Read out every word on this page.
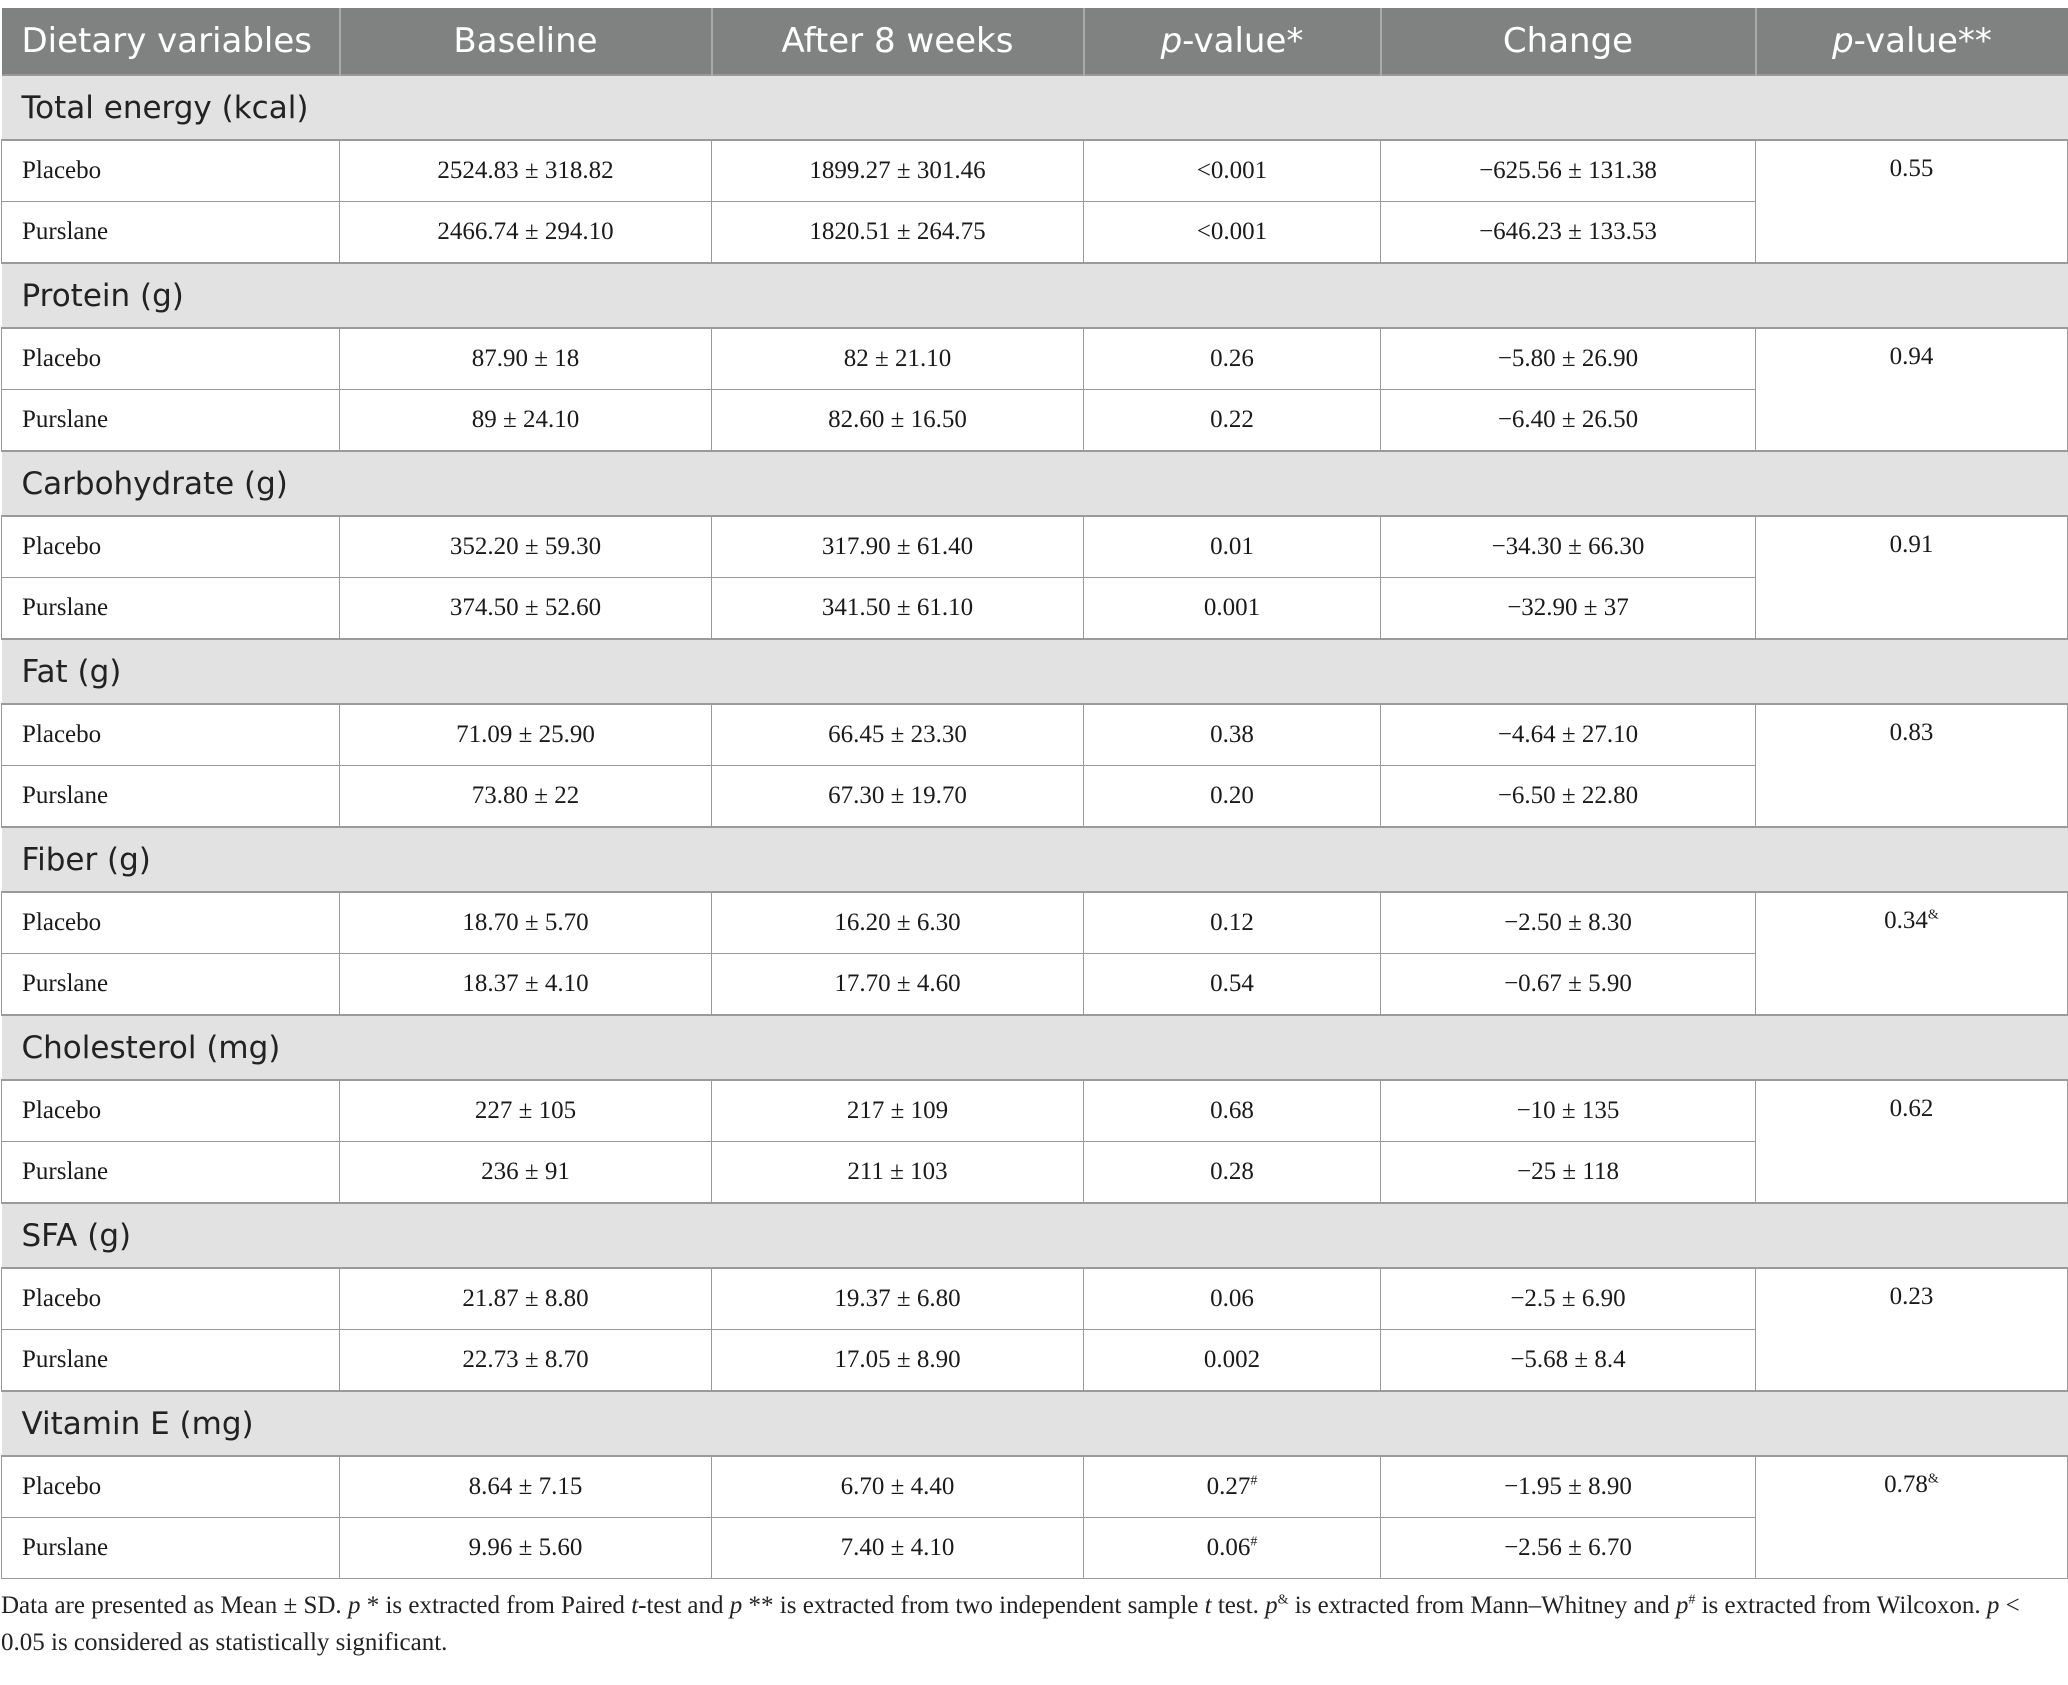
Dietary variables	Baseline	After 8 weeks	p-value*	Change	p-value**
Total energy (kcal)					
Placebo	2524.83 ± 318.82	1899.27 ± 301.46	<0.001	−625.56 ± 131.38	0.55
Purslane	2466.74 ± 294.10	1820.51 ± 264.75	<0.001	−646.23 ± 133.53	
Protein (g)					
Placebo	87.90 ± 18	82 ± 21.10	0.26	−5.80 ± 26.90	0.94
Purslane	89 ± 24.10	82.60 ± 16.50	0.22	−6.40 ± 26.50	
Carbohydrate (g)					
Placebo	352.20 ± 59.30	317.90 ± 61.40	0.01	−34.30 ± 66.30	0.91
Purslane	374.50 ± 52.60	341.50 ± 61.10	0.001	−32.90 ± 37	
Fat (g)					
Placebo	71.09 ± 25.90	66.45 ± 23.30	0.38	−4.64 ± 27.10	0.83
Purslane	73.80 ± 22	67.30 ± 19.70	0.20	−6.50 ± 22.80	
Fiber (g)					
Placebo	18.70 ± 5.70	16.20 ± 6.30	0.12	−2.50 ± 8.30	0.34&
Purslane	18.37 ± 4.10	17.70 ± 4.60	0.54	−0.67 ± 5.90	
Cholesterol (mg)					
Placebo	227 ± 105	217 ± 109	0.68	−10 ± 135	0.62
Purslane	236 ± 91	211 ± 103	0.28	−25 ± 118	
SFA (g)					
Placebo	21.87 ± 8.80	19.37 ± 6.80	0.06	−2.5 ± 6.90	0.23
Purslane	22.73 ± 8.70	17.05 ± 8.90	0.002	−5.68 ± 8.4	
Vitamin E (mg)					
Placebo	8.64 ± 7.15	6.70 ± 4.40	0.27#	−1.95 ± 8.90	0.78&
Purslane	9.96 ± 5.60	7.40 ± 4.10	0.06#	−2.56 ± 6.70	
Data are presented as Mean ± SD. p * is extracted from Paired t-test and p ** is extracted from two independent sample t test. p& is extracted from Mann–Whitney and p# is extracted from Wilcoxon. p < 0.05 is considered as statistically significant.
